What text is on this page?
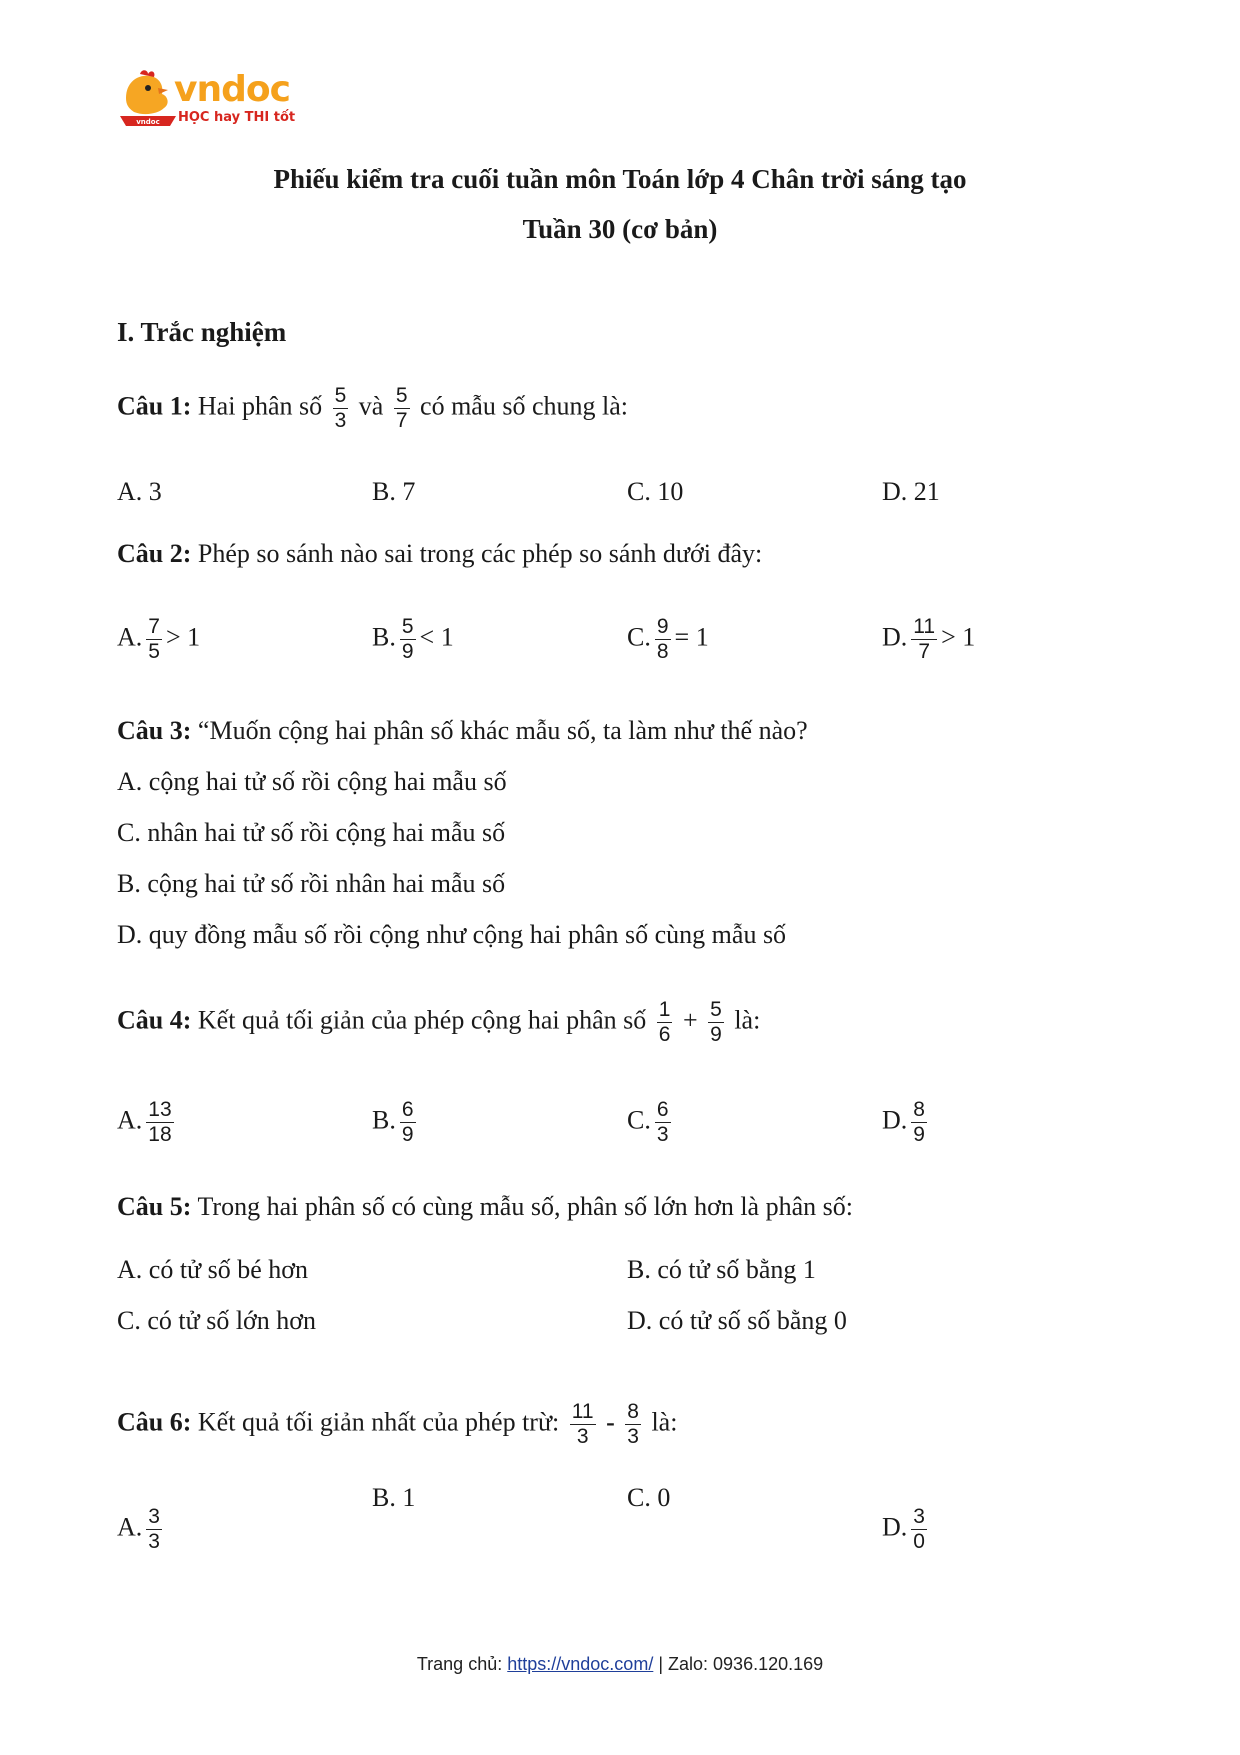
vndoc
vndoc
HỌC hay THI tốt
Phiếu kiểm tra cuối tuần môn Toán lớp 4 Chân trời sáng tạo
Tuần 30 (cơ bản)
I. Trắc nghiệm
Câu 1: Hai phân số $\frac{5}{3}$ và $\frac{5}{7}$ có mẫu số chung là:
A. 3	B. 7	C. 10	D. 21
Câu 2: Phép so sánh nào sai trong các phép so sánh dưới đây:
A. $\frac{7}{5} > 1$	B. $\frac{5}{9} < 1$	C. $\frac{9}{8} = 1$	D. $\frac{11}{7} > 1$
Câu 3: “Muốn cộng hai phân số khác mẫu số, ta làm như thế nào?
A. cộng hai tử số rồi cộng hai mẫu số
C. nhân hai tử số rồi cộng hai mẫu số
B. cộng hai tử số rồi nhân hai mẫu số
D. quy đồng mẫu số rồi cộng như cộng hai phân số cùng mẫu số
Câu 4: Kết quả tối giản của phép cộng hai phân số $\frac{1}{6} + \frac{5}{9}$ là:
A. $\frac{13}{18}$	B. $\frac{6}{9}$	C. $\frac{6}{3}$	D. $\frac{8}{9}$
Câu 5: Trong hai phân số có cùng mẫu số, phân số lớn hơn là phân số:
A. có tử số bé hơn	B. có tử số bằng 1
C. có tử số lớn hơn	D. có tử số số bằng 0
Câu 6: Kết quả tối giản nhất của phép trừ: $\frac{11}{3} - \frac{8}{3}$ là:
A. $\frac{3}{3}$
B. 1	C. 0
D. $\frac{3}{0}$
Trang chủ: https://vndoc.com/ | Zalo: 0936.120.169
